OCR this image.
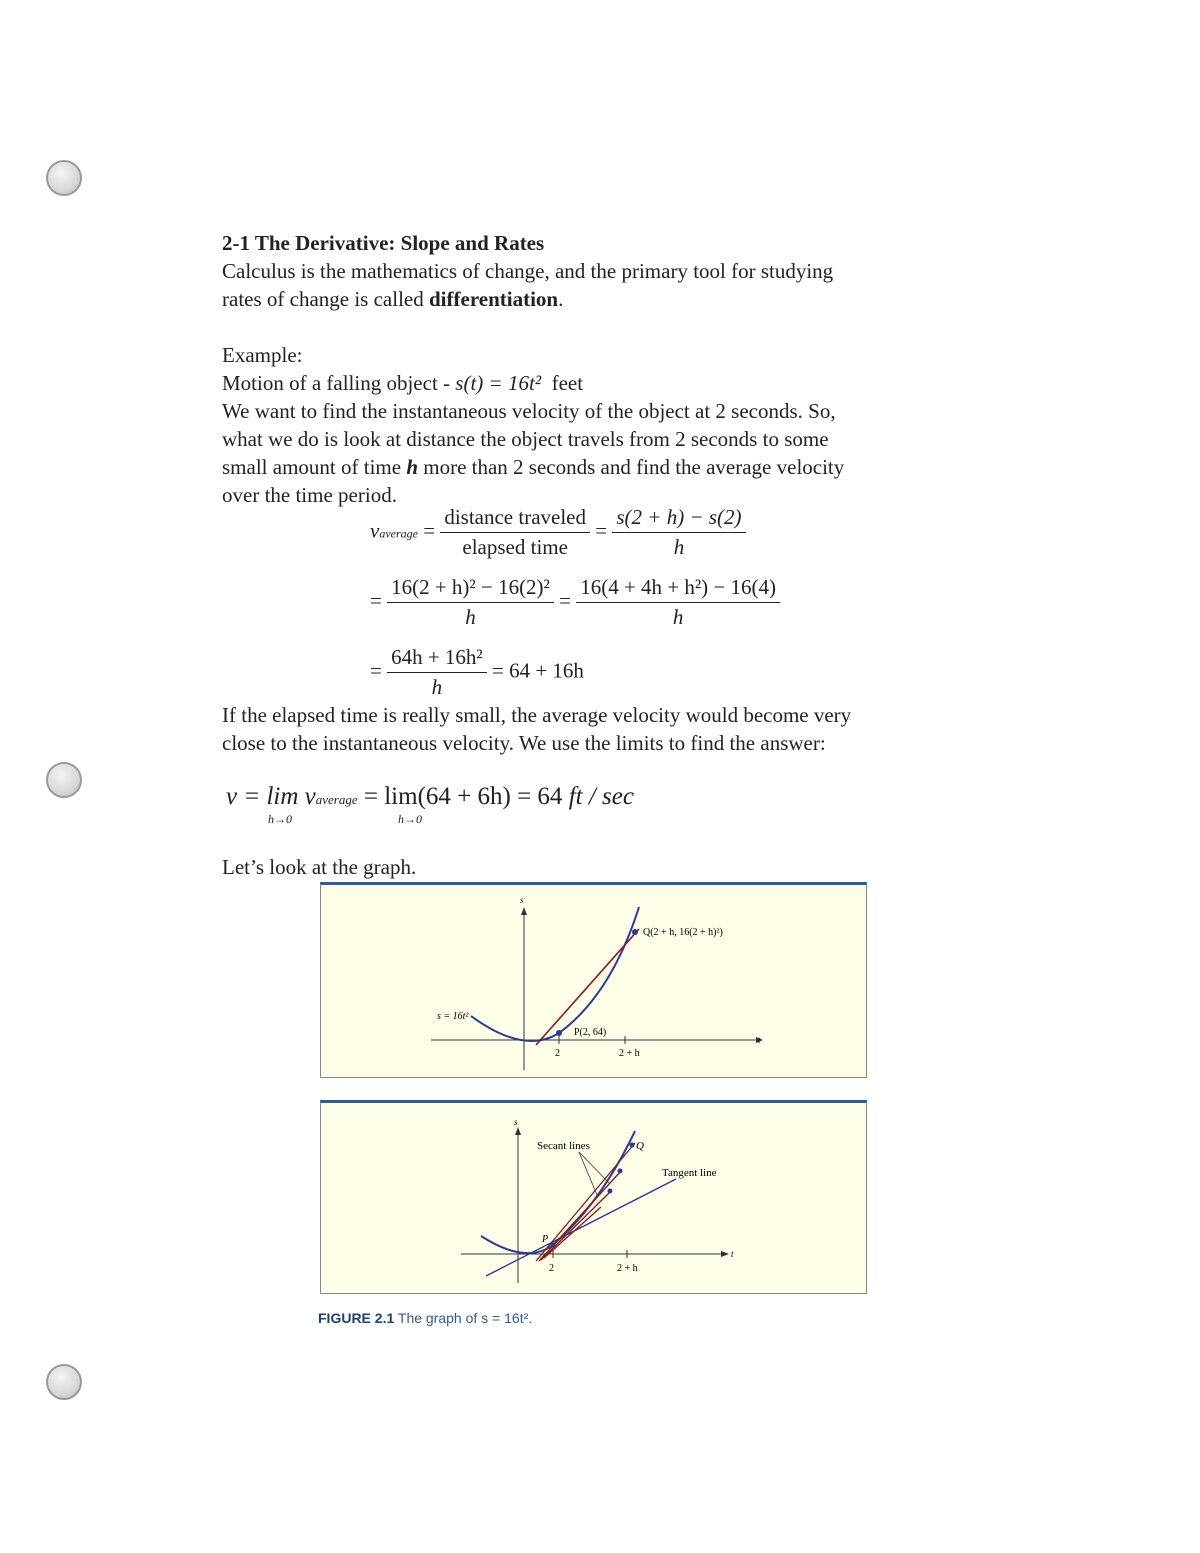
2-1 The Derivative: Slope and Rates
Calculus is the mathematics of change, and the primary tool for studying
rates of change is called differentiation.
Example:
Motion of a falling object - s(t) = 16t² feet
We want to find the instantaneous velocity of the object at 2 seconds. So,
what we do is look at distance the object travels from 2 seconds to some
small amount of time h more than 2 seconds and find the average velocity
over the time period.
vaverage = $\frac{\text{distance traveled}}{\text{elapsed time}} = \frac{s(2 + h) - s(2)}{h}$
= $\frac{\text{16(2 + h)² − 16(2)²}}{h} = \frac{\text{16(4 + 4h + h²) − 16(4)}}{h}$
= $\frac{\text{64h + 16h²}}{h} = 64 + 16h$
If the elapsed time is really small, the average velocity would become very
close to the instantaneous velocity. We use the limits to find the answer:
v = lim vaverage = lim(64 + 6h) = 64 ft / sec
h→0	h→0
Let’s look at the graph.
s
t
2	2 + h
s = 16t²
P(2, 64)
Q(2 + h, 16(2 + h)²)
s
t
2	2 + h
Secant lines
Tangent line
P
Q
FIGURE 2.1 The graph of s = 16t².
